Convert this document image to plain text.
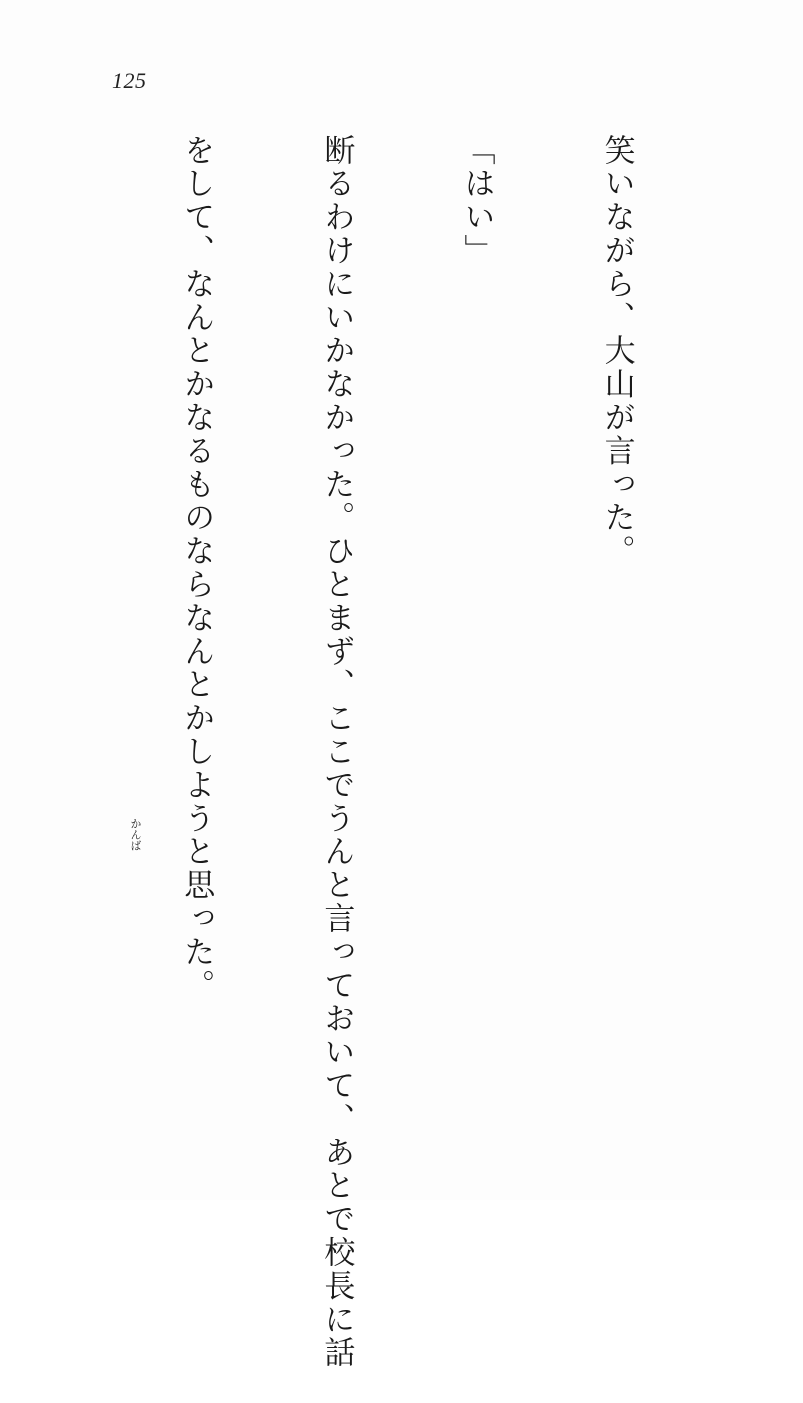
125

笑いながら、大山が言った。

「はい」

断るわけにいかなかった。ひとまず、ここでうんと言っておいて、あとで校長に話

をして、なんとかなるものならなんとかしようと思った。

かんば
